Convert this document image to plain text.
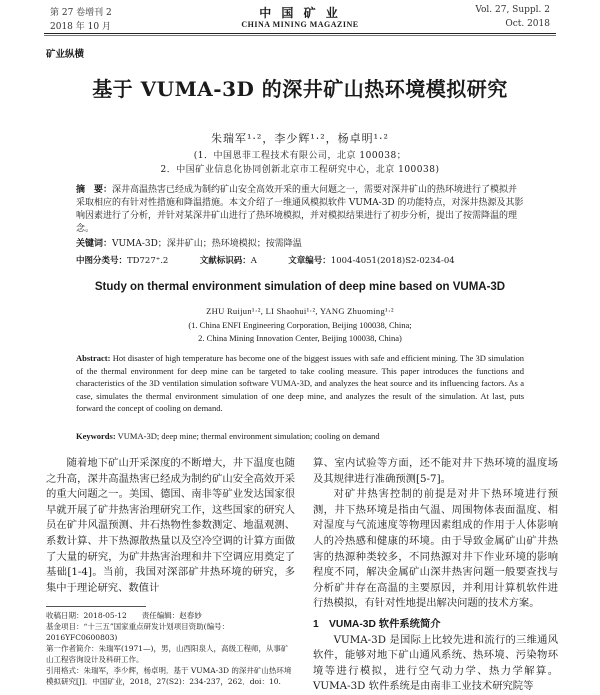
第 27 卷增刊 2
2018 年 10 月
中 国 矿 业
CHINA MINING MAGAZINE
Vol. 27, Suppl. 2
Oct. 2018
矿业纵横
基于 VUMA-3D 的深井矿山热环境模拟研究
朱瑞军¹·²，李少辉¹·²，杨卓明¹·²
(1．中国恩菲工程技术有限公司，北京 100038；
2．中国矿业信息化协同创新北京市工程研究中心，北京 100038)
摘　要：深井高温热害已经成为制约矿山安全高效开采的重大问题之一，需要对深井矿山的热环境进行了模拟并采取相应的有针对性措施和降温措施。本文介绍了一维通风模拟软件 VUMA-3D 的功能特点，对深井热源及其影响因素进行了分析，并针对某深井矿山进行了热环境模拟，并对模拟结果进行了初步分析，提出了按需降温的理念。
关键词：VUMA-3D；深井矿山；热环境模拟；按需降温
中图分类号：TD727⁺.2	文献标识码：A	文章编号：1004-4051(2018)S2-0234-04
Study on thermal environment simulation of deep mine based on VUMA-3D
ZHU Ruijun¹·², LI Shaohui¹·², YANG Zhuoming¹·²
(1. China ENFI Engineering Corporation, Beijing 100038, China;
2. China Mining Innovation Center, Beijing 100038, China)
Abstract: Hot disaster of high temperature has become one of the biggest issues with safe and efficient mining. The 3D simulation of the thermal environment for deep mine can be targeted to take cooling measure. This paper introduces the functions and characteristics of the 3D ventilation simulation software VUMA-3D, and analyzes the heat source and its influencing factors. As a case, simulates the thermal environment simulation of one deep mine, and analyzes the result of the simulation. At last, puts forward the concept of cooling on demand.
Keywords: VUMA-3D; deep mine; thermal environment simulation; cooling on demand

随着地下矿山开采深度的不断增大，井下温度也随之升高，深井高温热害已经成为制约矿山安全高效开采的重大问题之一。美国、德国、南非等矿业发达国家很早就开展了矿井热害治理研究工作，这些国家的研究人员在矿井风温预测、井石热物性参数测定、地温观测、系数计算、井下热源散热量以及空冷空调的计算方面做了大量的研究，为矿井热害治理和井下空调应用奠定了基础[1-4]。当前，我国对深部矿井热环境的研究，多集中于理论研究、数值计

收稿日期：2018-05-12　　责任编辑：赵春妙
基金项目：“十三五”国家重点研发计划项目资助(编号：2016YFC0600803)
第一作者简介：朱瑞军(1971—)，男，山西阳泉人，高级工程师，从事矿山工程咨询设计及科研工作。
引用格式：朱瑞军，李少辉，杨卓明．基于 VUMA-3D 的深井矿山热环境模拟研究[J]．中国矿业，2018，27(S2)：234-237，262．doi：10.

算、室内试验等方面，还不能对井下热环境的温度场及其规律进行准确预测[5-7]。

对矿井热害控制的前提是对井下热环境进行预测，井下热环境是指由气温、周围物体表面温度、相对湿度与气流速度等物理因素组成的作用于人体影响人的冷热感和健康的环境。由于导致金属矿山矿井热害的热源种类较多，不同热源对井下作业环境的影响程度不同，解决金属矿山深井热害问题一般要查找与分析矿井存在高温的主要原因，并利用计算机软件进行热模拟，有针对性地提出解决问题的技术方案。

1　VUMA-3D 软件系统简介

VUMA-3D 是国际上比较先进和流行的三维通风软件，能够对地下矿山通风系统、热环境、污染物环境等进行模拟，进行空气动力学、热力学解算。VUMA-3D 软件系统是由南非工业技术研究院等
